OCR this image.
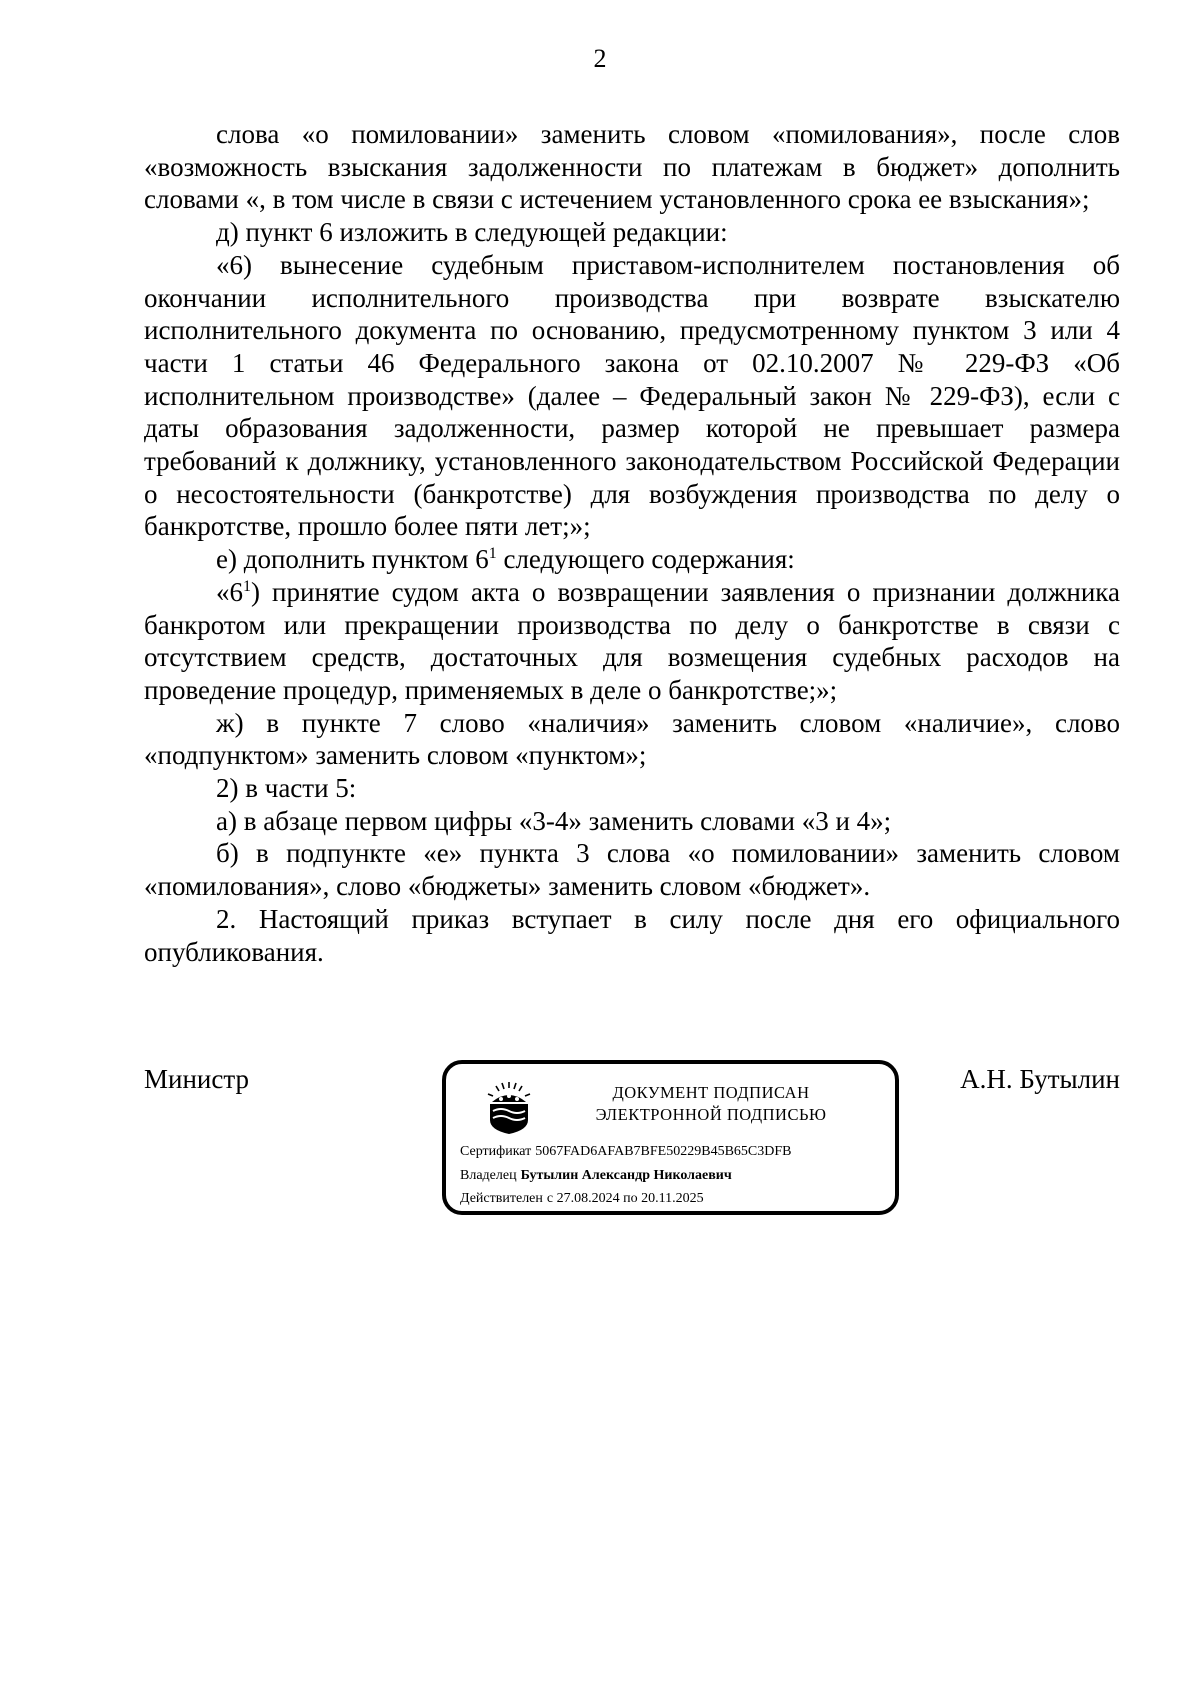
2

слова «о помиловании» заменить словом «помилования», после слов «возможность взыскания задолженности по платежам в бюджет» дополнить словами «, в том числе в связи с истечением установленного срока ее взыскания»;

д) пункт 6 изложить в следующей редакции:

«6) вынесение судебным приставом-исполнителем постановления об окончании исполнительного производства при возврате взыскателю исполнительного документа по основанию, предусмотренному пунктом 3 или 4 части 1 статьи 46 Федерального закона от 02.10.2007 № 229-ФЗ «Об исполнительном производстве» (далее – Федеральный закон № 229-ФЗ), если с даты образования задолженности, размер которой не превышает размера требований к должнику, установленного законодательством Российской Федерации о несостоятельности (банкротстве) для возбуждения производства по делу о банкротстве, прошло более пяти лет;»;

е) дополнить пунктом $6^1$ следующего содержания:

«$6^1$) принятие судом акта о возвращении заявления о признании должника банкротом или прекращении производства по делу о банкротстве в связи с отсутствием средств, достаточных для возмещения судебных расходов на проведение процедур, применяемых в деле о банкротстве;»;

ж) в пункте 7 слово «наличия» заменить словом «наличие», слово «подпунктом» заменить словом «пунктом»;

2) в части 5:

а) в абзаце первом цифры «3-4» заменить словами «3 и 4»;

б) в подпункте «е» пункта 3 слова «о помиловании» заменить словом «помилования», слово «бюджеты» заменить словом «бюджет».

2. Настоящий приказ вступает в силу после дня его официального опубликования.

Министр	А.Н. Бутылин
ДОКУМЕНТ ПОДПИСАН
ЭЛЕКТРОННОЙ ПОДПИСЬЮ
Сертификат 5067FAD6AFAB7BFE50229B45B65C3DFB
Владелец Бутылин Александр Николаевич
Действителен с 27.08.2024 по 20.11.2025
